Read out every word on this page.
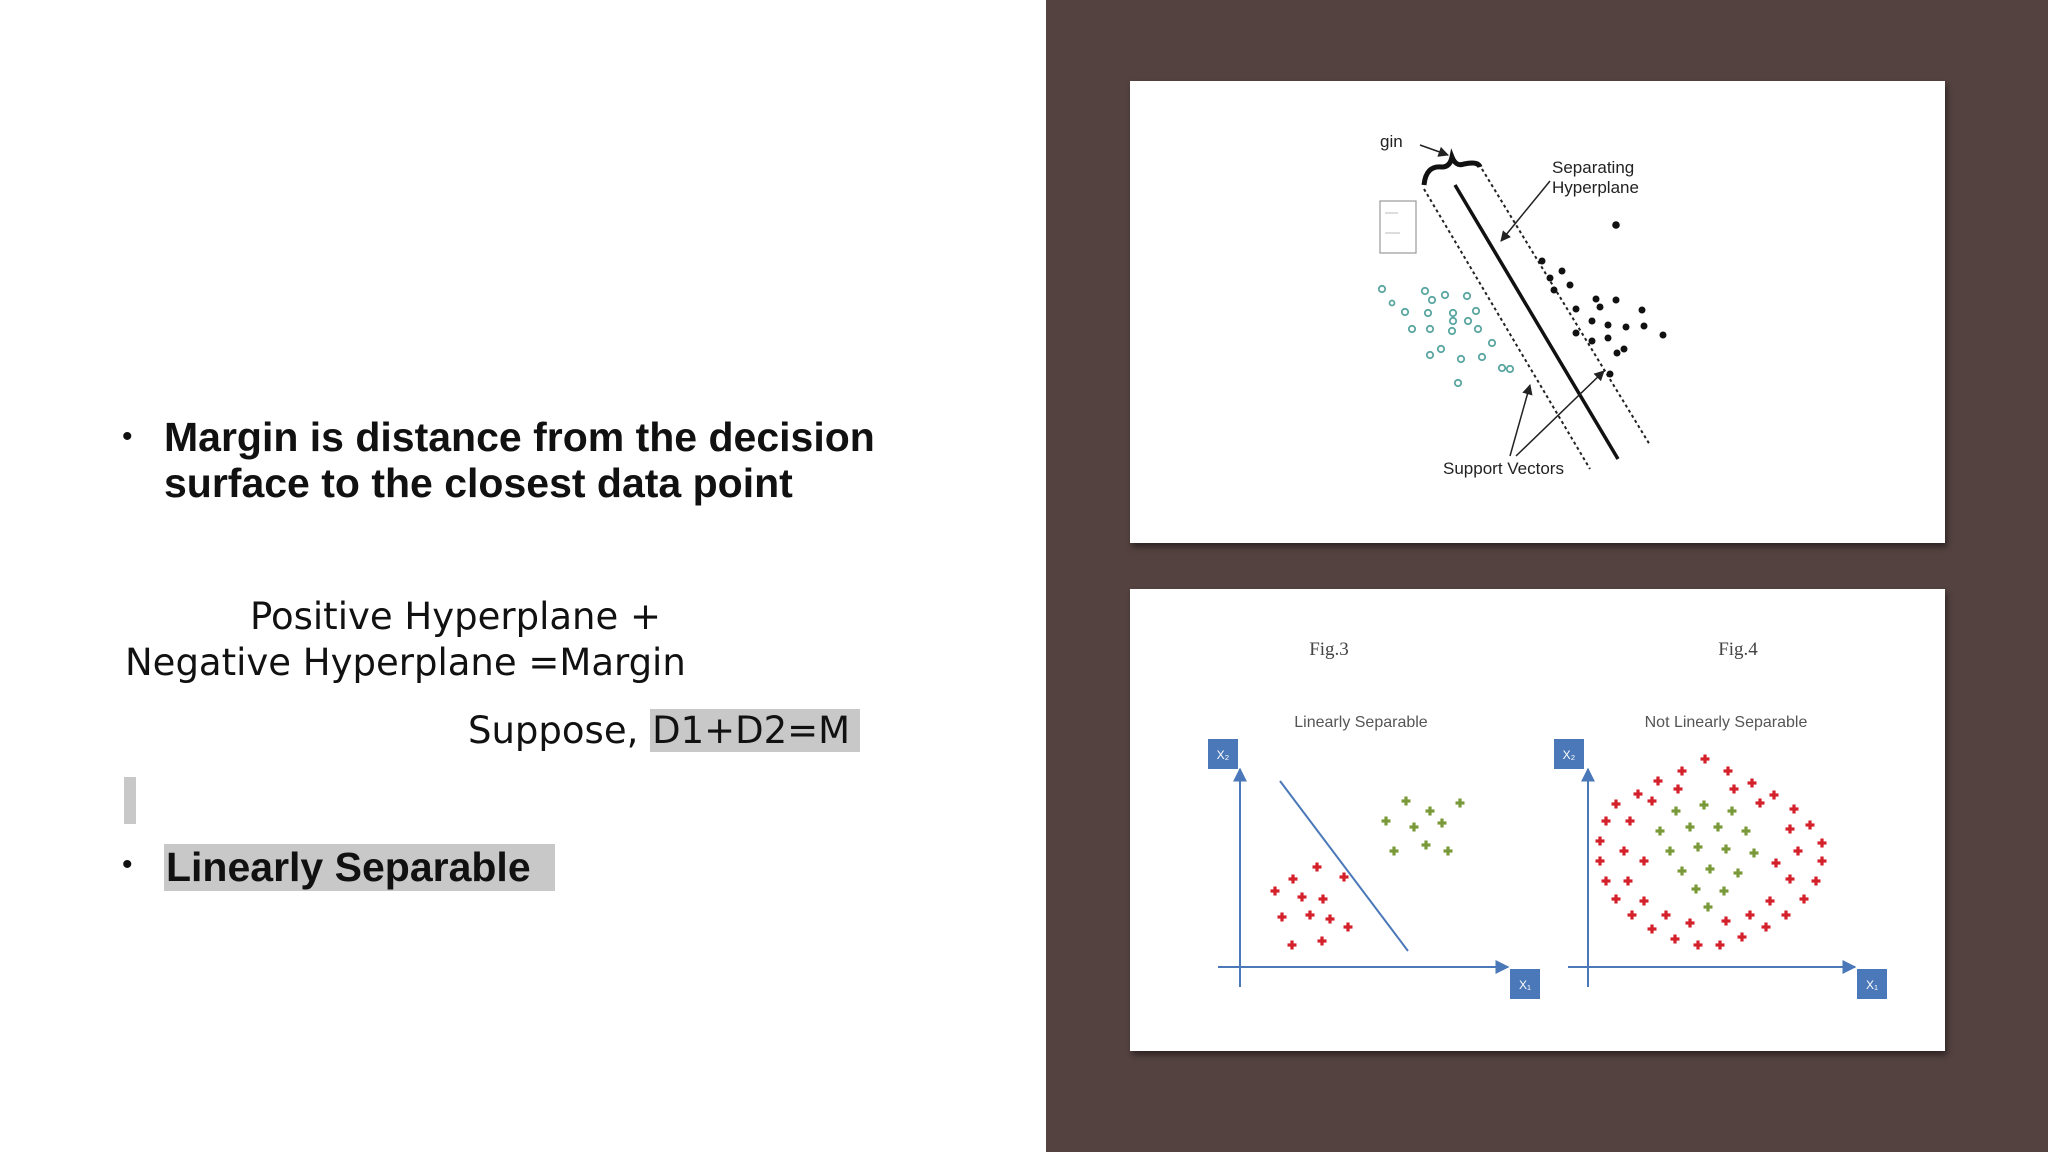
• Margin is distance from the decision surface to the closest data point
Positive Hyperplane + Negative Hyperplane =Margin
Suppose, D1+D2=M
• Linearly Separable
gin
Separating
Hyperplane
Support Vectors
Fig.3	Fig.4
Linearly Separable	Not Linearly Separable
X₂
X₁
X₂
X₁
